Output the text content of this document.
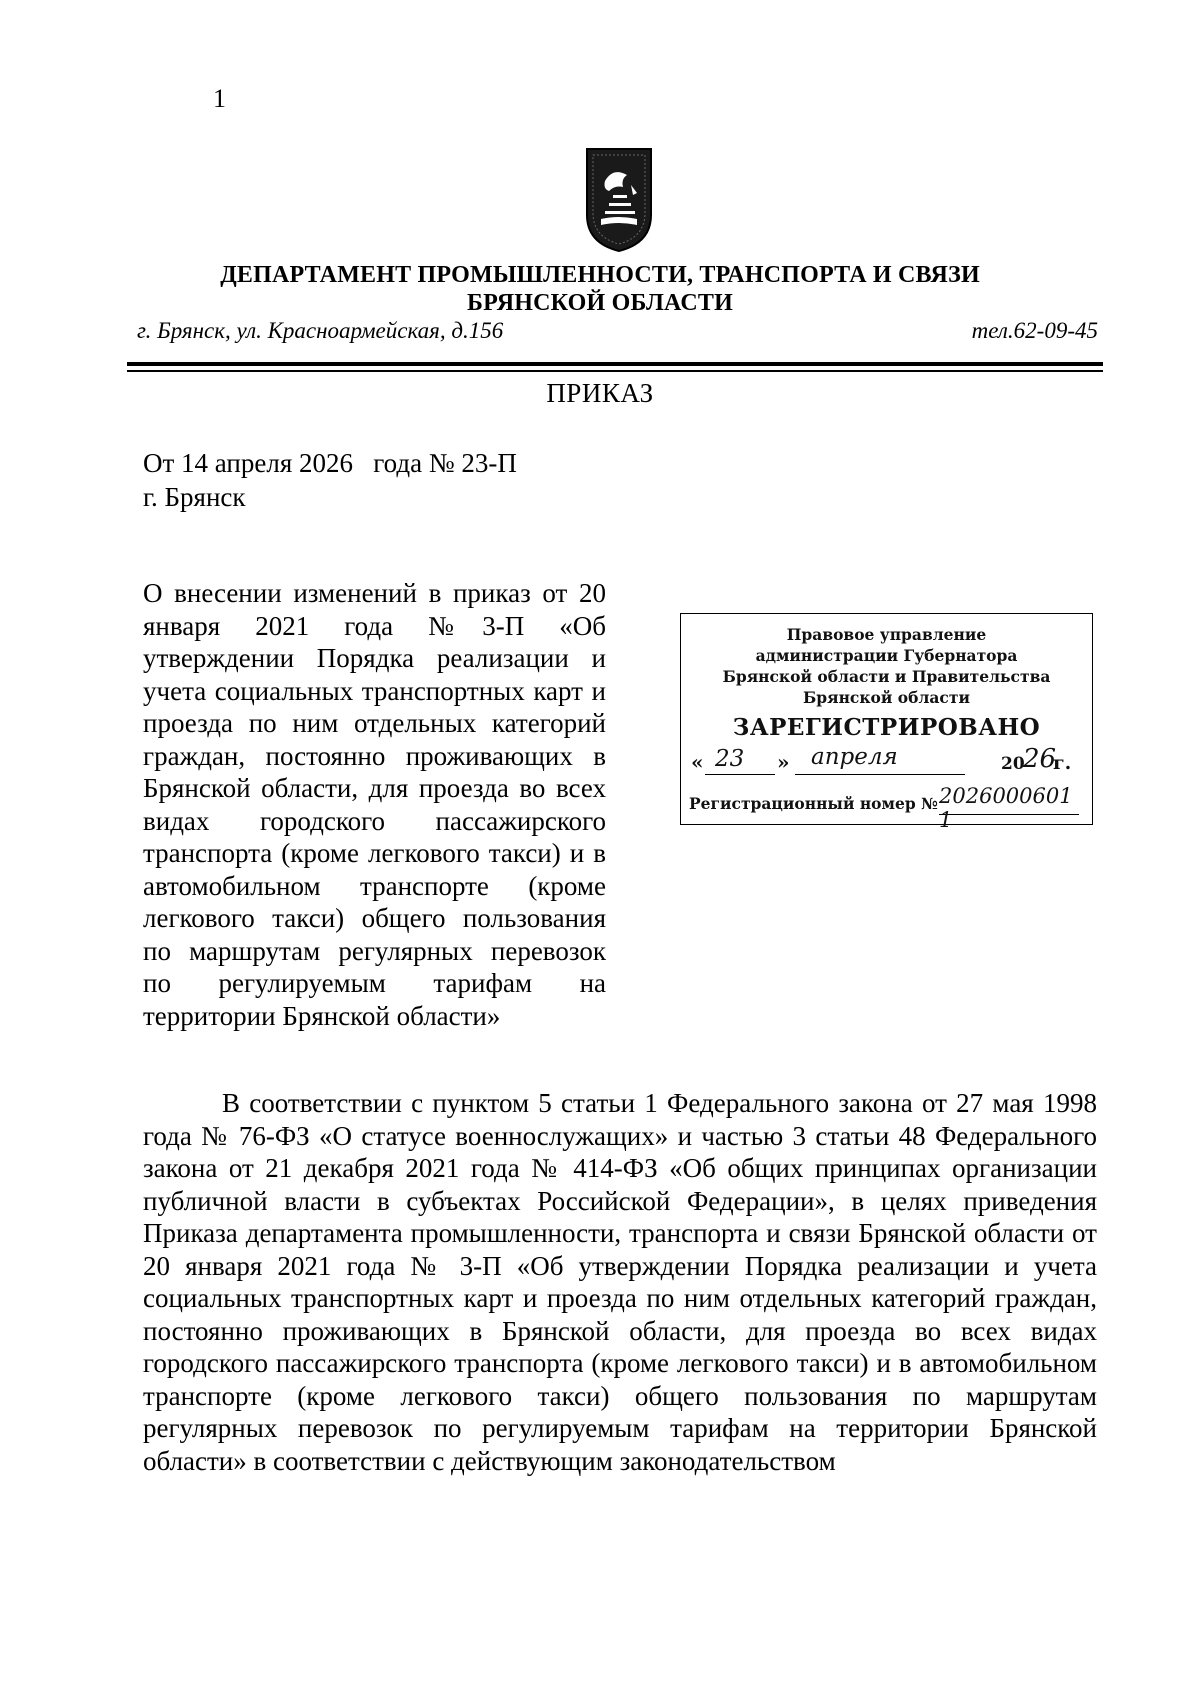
1
ДЕПАРТАМЕНТ ПРОМЫШЛЕННОСТИ, ТРАНСПОРТА И СВЯЗИ
БРЯНСКОЙ ОБЛАСТИ
г. Брянск, ул. Красноармейская, д.156	тел.62-09-45
ПРИКАЗ
От 14 апреля 2026   года № 23-П
г. Брянск

О внесении изменений в приказ от 20 января 2021 года №3-П «Об утверждении Порядка реализации и учета социальных транспортных карт и проезда по ним отдельных категорий граждан, постоянно проживающих в Брянской области, для проезда во всех видах городского пассажирского транспорта (кроме легкового такси) и в автомобильном транспорте (кроме легкового такси) общего пользования по маршрутам регулярных перевозок по регулируемым тарифам на территории Брянской области»

Правовое управление
администрации Губернатора
Брянской области и Правительства
Брянской области
ЗАРЕГИСТРИРОВАНО
« 23 » апреля	20
26
г.
Регистрационный номер № 2026000601 1

В соответствии с пунктом 5 статьи 1 Федерального закона от 27 мая 1998 года № 76-ФЗ «О статусе военнослужащих» и частью 3 статьи 48 Федерального закона от 21 декабря 2021 года № 414-ФЗ «Об общих принципах организации публичной власти в субъектах Российской Федерации», в целях приведения Приказа департамента промышленности, транспорта и связи Брянской области от 20 января 2021 года № 3-П «Об утверждении Порядка реализации и учета социальных транспортных карт и проезда по ним отдельных категорий граждан, постоянно проживающих в Брянской области, для проезда во всех видах городского пассажирского транспорта (кроме легкового такси) и в автомобильном транспорте (кроме легкового такси) общего пользования по маршрутам регулярных перевозок по регулируемым тарифам на территории Брянской области» в соответствии с действующим законодательством
